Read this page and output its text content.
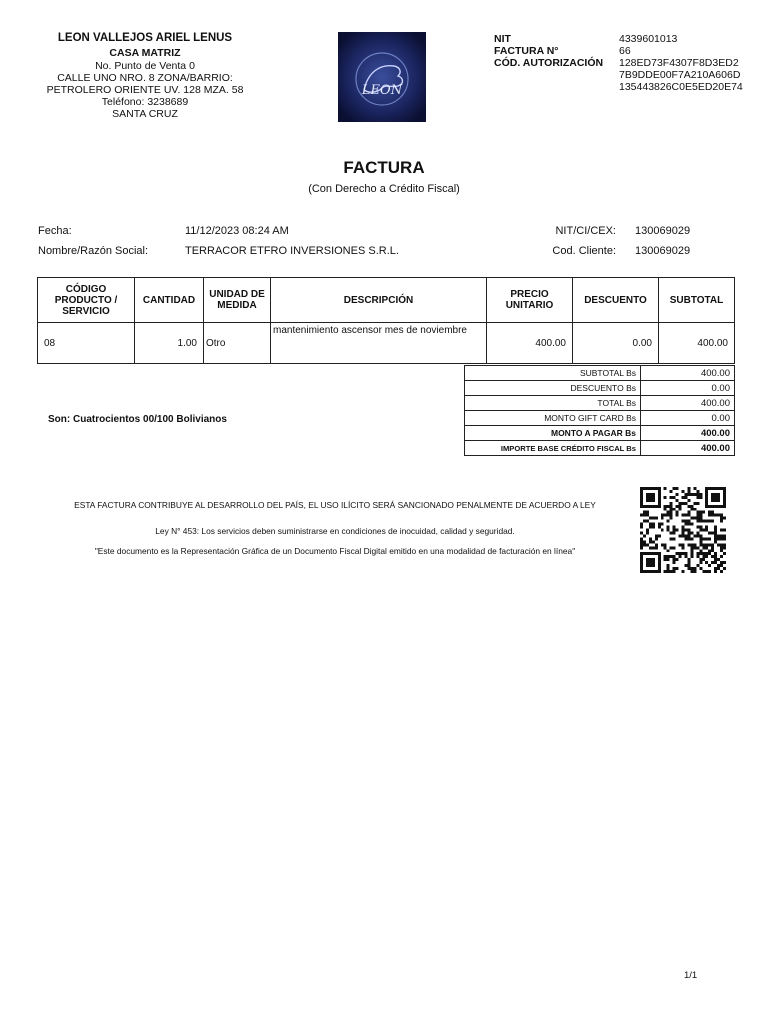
LEON VALLEJOS ARIEL LENUS
CASA MATRIZ
No. Punto de Venta 0
CALLE UNO NRO. 8 ZONA/BARRIO:
PETROLERO ORIENTE UV. 128 MZA. 58
Teléfono: 3238689
SANTA CRUZ
LEON
NIT	4339601013
FACTURA N°	66
CÓD. AUTORIZACIÓN	128ED73F4307F8D3ED27B9DDE00F7A210A606D135443826C0E5ED20E74
FACTURA
(Con Derecho a Crédito Fiscal)
Fecha:	11/12/2023 08:24 AM
Nombre/Razón Social:	TERRACOR ETFRO INVERSIONES S.R.L.
NIT/CI/CEX: 130069029
Cod. Cliente: 130069029
CÓDIGO PRODUCTO / SERVICIO	CANTIDAD	UNIDAD DE MEDIDA	DESCRIPCIÓN	PRECIO UNITARIO	DESCUENTO	SUBTOTAL
08	1.00	Otro	mantenimiento ascensor mes de noviembre	400.00	0.00	400.00
SUBTOTAL Bs	400.00
DESCUENTO Bs	0.00
TOTAL Bs	400.00
MONTO GIFT CARD Bs	0.00
MONTO A PAGAR Bs	400.00
IMPORTE BASE CRÉDITO FISCAL Bs	400.00
Son: Cuatrocientos 00/100 Bolivianos
ESTA FACTURA CONTRIBUYE AL DESARROLLO DEL PAÍS, EL USO ILÍCITO SERÁ SANCIONADO PENALMENTE DE ACUERDO A LEY
Ley N° 453: Los servicios deben suministrarse en condiciones de inocuidad, calidad y seguridad.
"Este documento es la Representación Gráfica de un Documento Fiscal Digital emitido en una modalidad de facturación en línea"
1/1
